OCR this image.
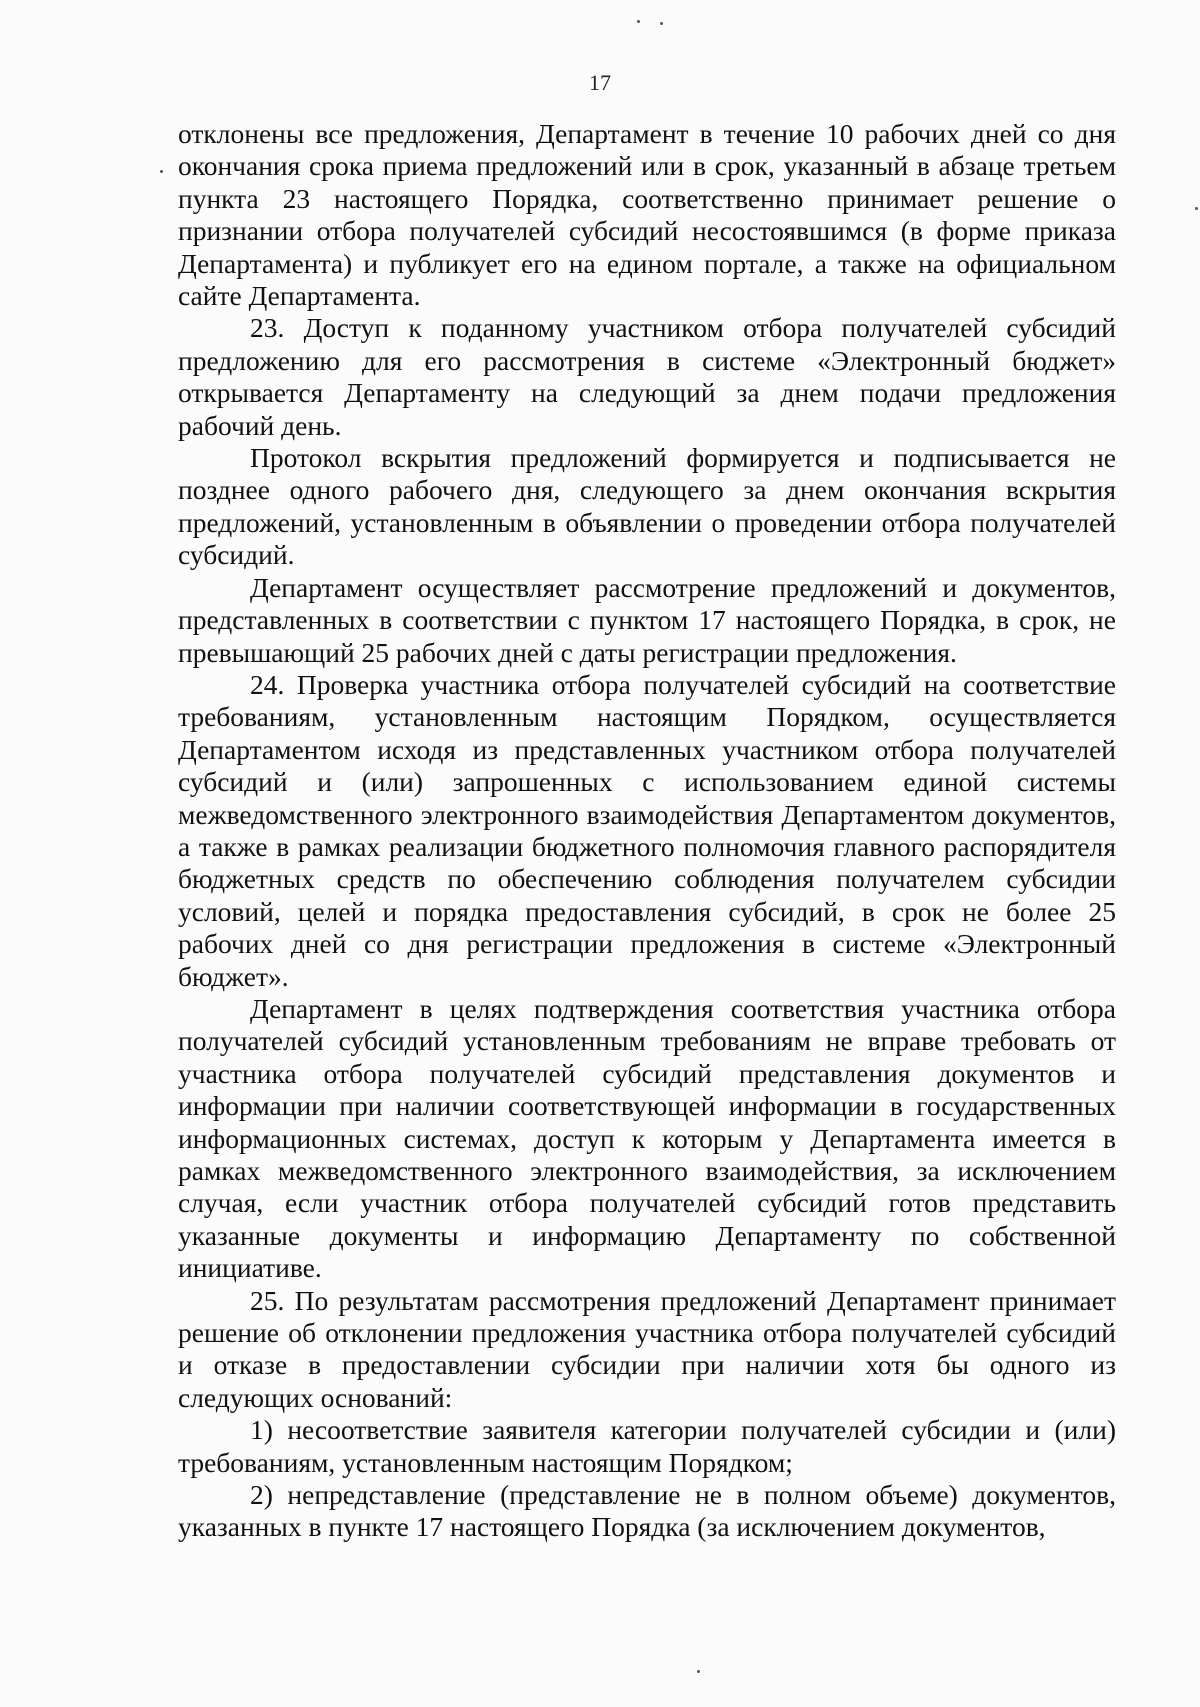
17

отклонены все предложения, Департамент в течение 10 рабочих дней со дня окончания срока приема предложений или в срок, указанный в абзаце третьем пункта 23 настоящего Порядка, соответственно принимает решение о признании отбора получателей субсидий несостоявшимся (в форме приказа Департамента) и публикует его на едином портале, а также на официальном сайте Департамента.

23. Доступ к поданному участником отбора получателей субсидий предложению для его рассмотрения в системе «Электронный бюджет» открывается Департаменту на следующий за днем подачи предложения рабочий день.

Протокол вскрытия предложений формируется и подписывается не позднее одного рабочего дня, следующего за днем окончания вскрытия предложений, установленным в объявлении о проведении отбора получателей субсидий.

Департамент осуществляет рассмотрение предложений и документов, представленных в соответствии с пунктом 17 настоящего Порядка, в срок, не превышающий 25 рабочих дней с даты регистрации предложения.

24. Проверка участника отбора получателей субсидий на соответствие требованиям, установленным настоящим Порядком, осуществляется Департаментом исходя из представленных участником отбора получателей субсидий и (или) запрошенных с использованием единой системы межведомственного электронного взаимодействия Департаментом документов, а также в рамках реализации бюджетного полномочия главного распорядителя бюджетных средств по обеспечению соблюдения получателем субсидии условий, целей и порядка предоставления субсидий, в срок не более 25 рабочих дней со дня регистрации предложения в системе «Электронный бюджет».

Департамент в целях подтверждения соответствия участника отбора получателей субсидий установленным требованиям не вправе требовать от участника отбора получателей субсидий представления документов и информации при наличии соответствующей информации в государственных информационных системах, доступ к которым у Департамента имеется в рамках межведомственного электронного взаимодействия, за исключением случая, если участник отбора получателей субсидий готов представить указанные документы и информацию Департаменту по собственной инициативе.

25. По результатам рассмотрения предложений Департамент принимает решение об отклонении предложения участника отбора получателей субсидий и отказе в предоставлении субсидии при наличии хотя бы одного из следующих оснований:

1) несоответствие заявителя категории получателей субсидии и (или) требованиям, установленным настоящим Порядком;

2) непредставление (представление не в полном объеме) документов, указанных в пункте 17 настоящего Порядка (за исключением документов,
